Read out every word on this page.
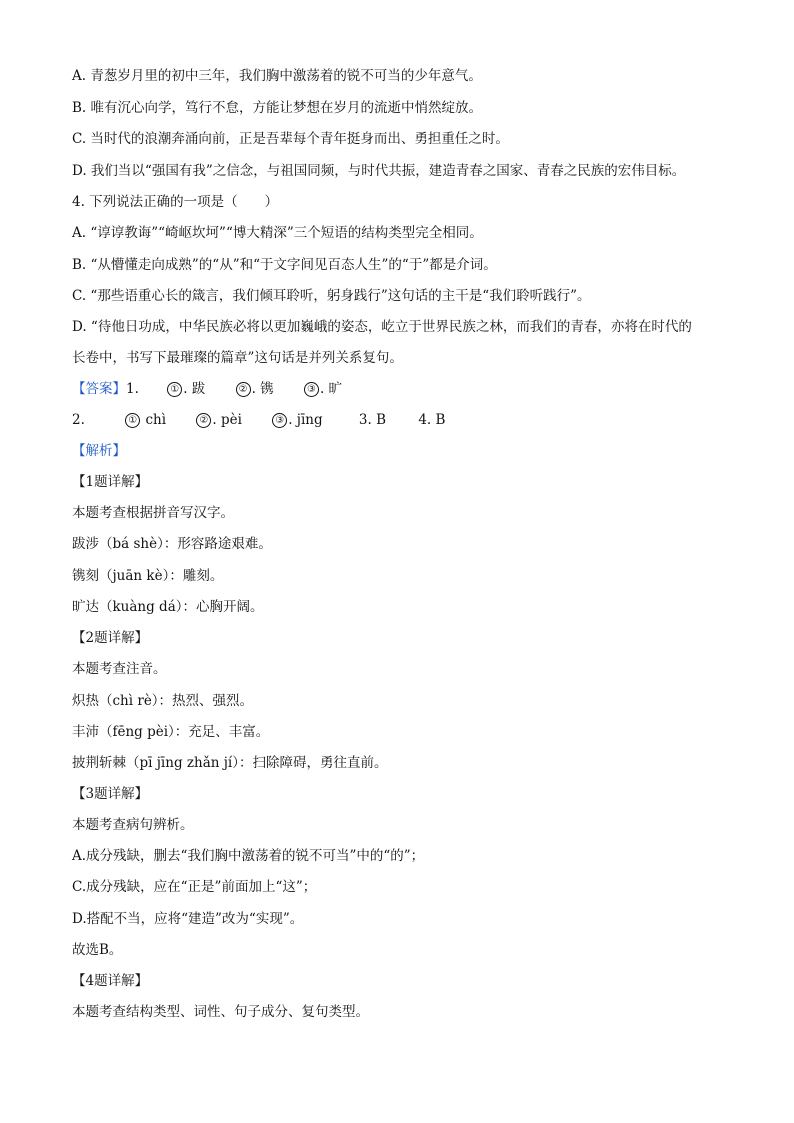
A. 青葱岁月里的初中三年，我们胸中激荡着的锐不可当的少年意气。
B. 唯有沉心向学，笃行不怠，方能让梦想在岁月的流逝中悄然绽放。
C. 当时代的浪潮奔涌向前，正是吾辈每个青年挺身而出、勇担重任之时。
D. 我们当以“强国有我”之信念，与祖国同频，与时代共振，建造青春之国家、青春之民族的宏伟目标。
4. 下列说法正确的一项是（　　）
A. “谆谆教诲”“崎岖坎坷”“博大精深”三个短语的结构类型完全相同。
B. “从懵懂走向成熟”的“从”和“于文字间见百态人生”的“于”都是介词。
C. “那些语重心长的箴言，我们倾耳聆听，躬身践行”这句话的主干是“我们聆听践行”。
D. “待他日功成，中华民族必将以更加巍峨的姿态，屹立于世界民族之林，而我们的青春，亦将在时代的
长卷中，书写下最璀璨的篇章”这句话是并列关系复句。
【答案】1.	① . 跋	② . 镌	③ . 旷
2.	① chì	② . pèi	③ . jīng	3. B 4. B
【解析】
【1题详解】
本题考查根据拼音写汉字。
跋涉（bá shè）：形容路途艰难。
镌刻（juān kè）：雕刻。
旷达（kuàng dá）：心胸开阔。
【2题详解】
本题考查注音。
炽热（chì rè）：热烈、强烈。
丰沛（fēng pèi）：充足、丰富。
披荆斩棘（pī jīng zhǎn jí）：扫除障碍，勇往直前。
【3题详解】
本题考查病句辨析。
A.成分残缺，删去“我们胸中激荡着的锐不可当”中的“的”；
C.成分残缺，应在“正是”前面加上“这”；
D.搭配不当，应将“建造”改为“实现”。
故选B。
【4题详解】
本题考查结构类型、词性、句子成分、复句类型。
